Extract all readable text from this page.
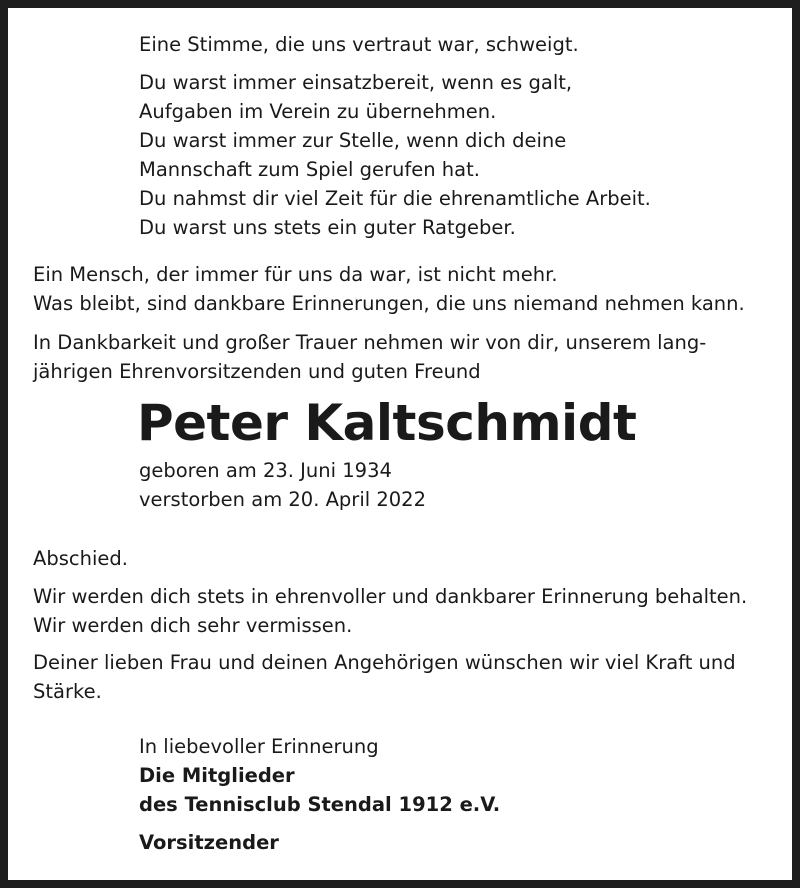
Eine Stimme, die uns vertraut war, schweigt.

Du warst immer einsatzbereit, wenn es galt,

Aufgaben im Verein zu übernehmen.

Du warst immer zur Stelle, wenn dich deine

Mannschaft zum Spiel gerufen hat.

Du nahmst dir viel Zeit für die ehrenamtliche Arbeit.

Du warst uns stets ein guter Ratgeber.

Ein Mensch, der immer für uns da war, ist nicht mehr.

Was bleibt, sind dankbare Erinnerungen, die uns niemand nehmen kann.

In Dankbarkeit und großer Trauer nehmen wir von dir, unserem lang-

jährigen Ehrenvorsitzenden und guten Freund

Peter Kaltschmidt

geboren am 23. Juni 1934

verstorben am 20. April 2022

Abschied.

Wir werden dich stets in ehrenvoller und dankbarer Erinnerung behalten.

Wir werden dich sehr vermissen.

Deiner lieben Frau und deinen Angehörigen wünschen wir viel Kraft und

Stärke.

In liebevoller Erinnerung

Die Mitglieder

des Tennisclub Stendal 1912 e.V.

Vorsitzender
